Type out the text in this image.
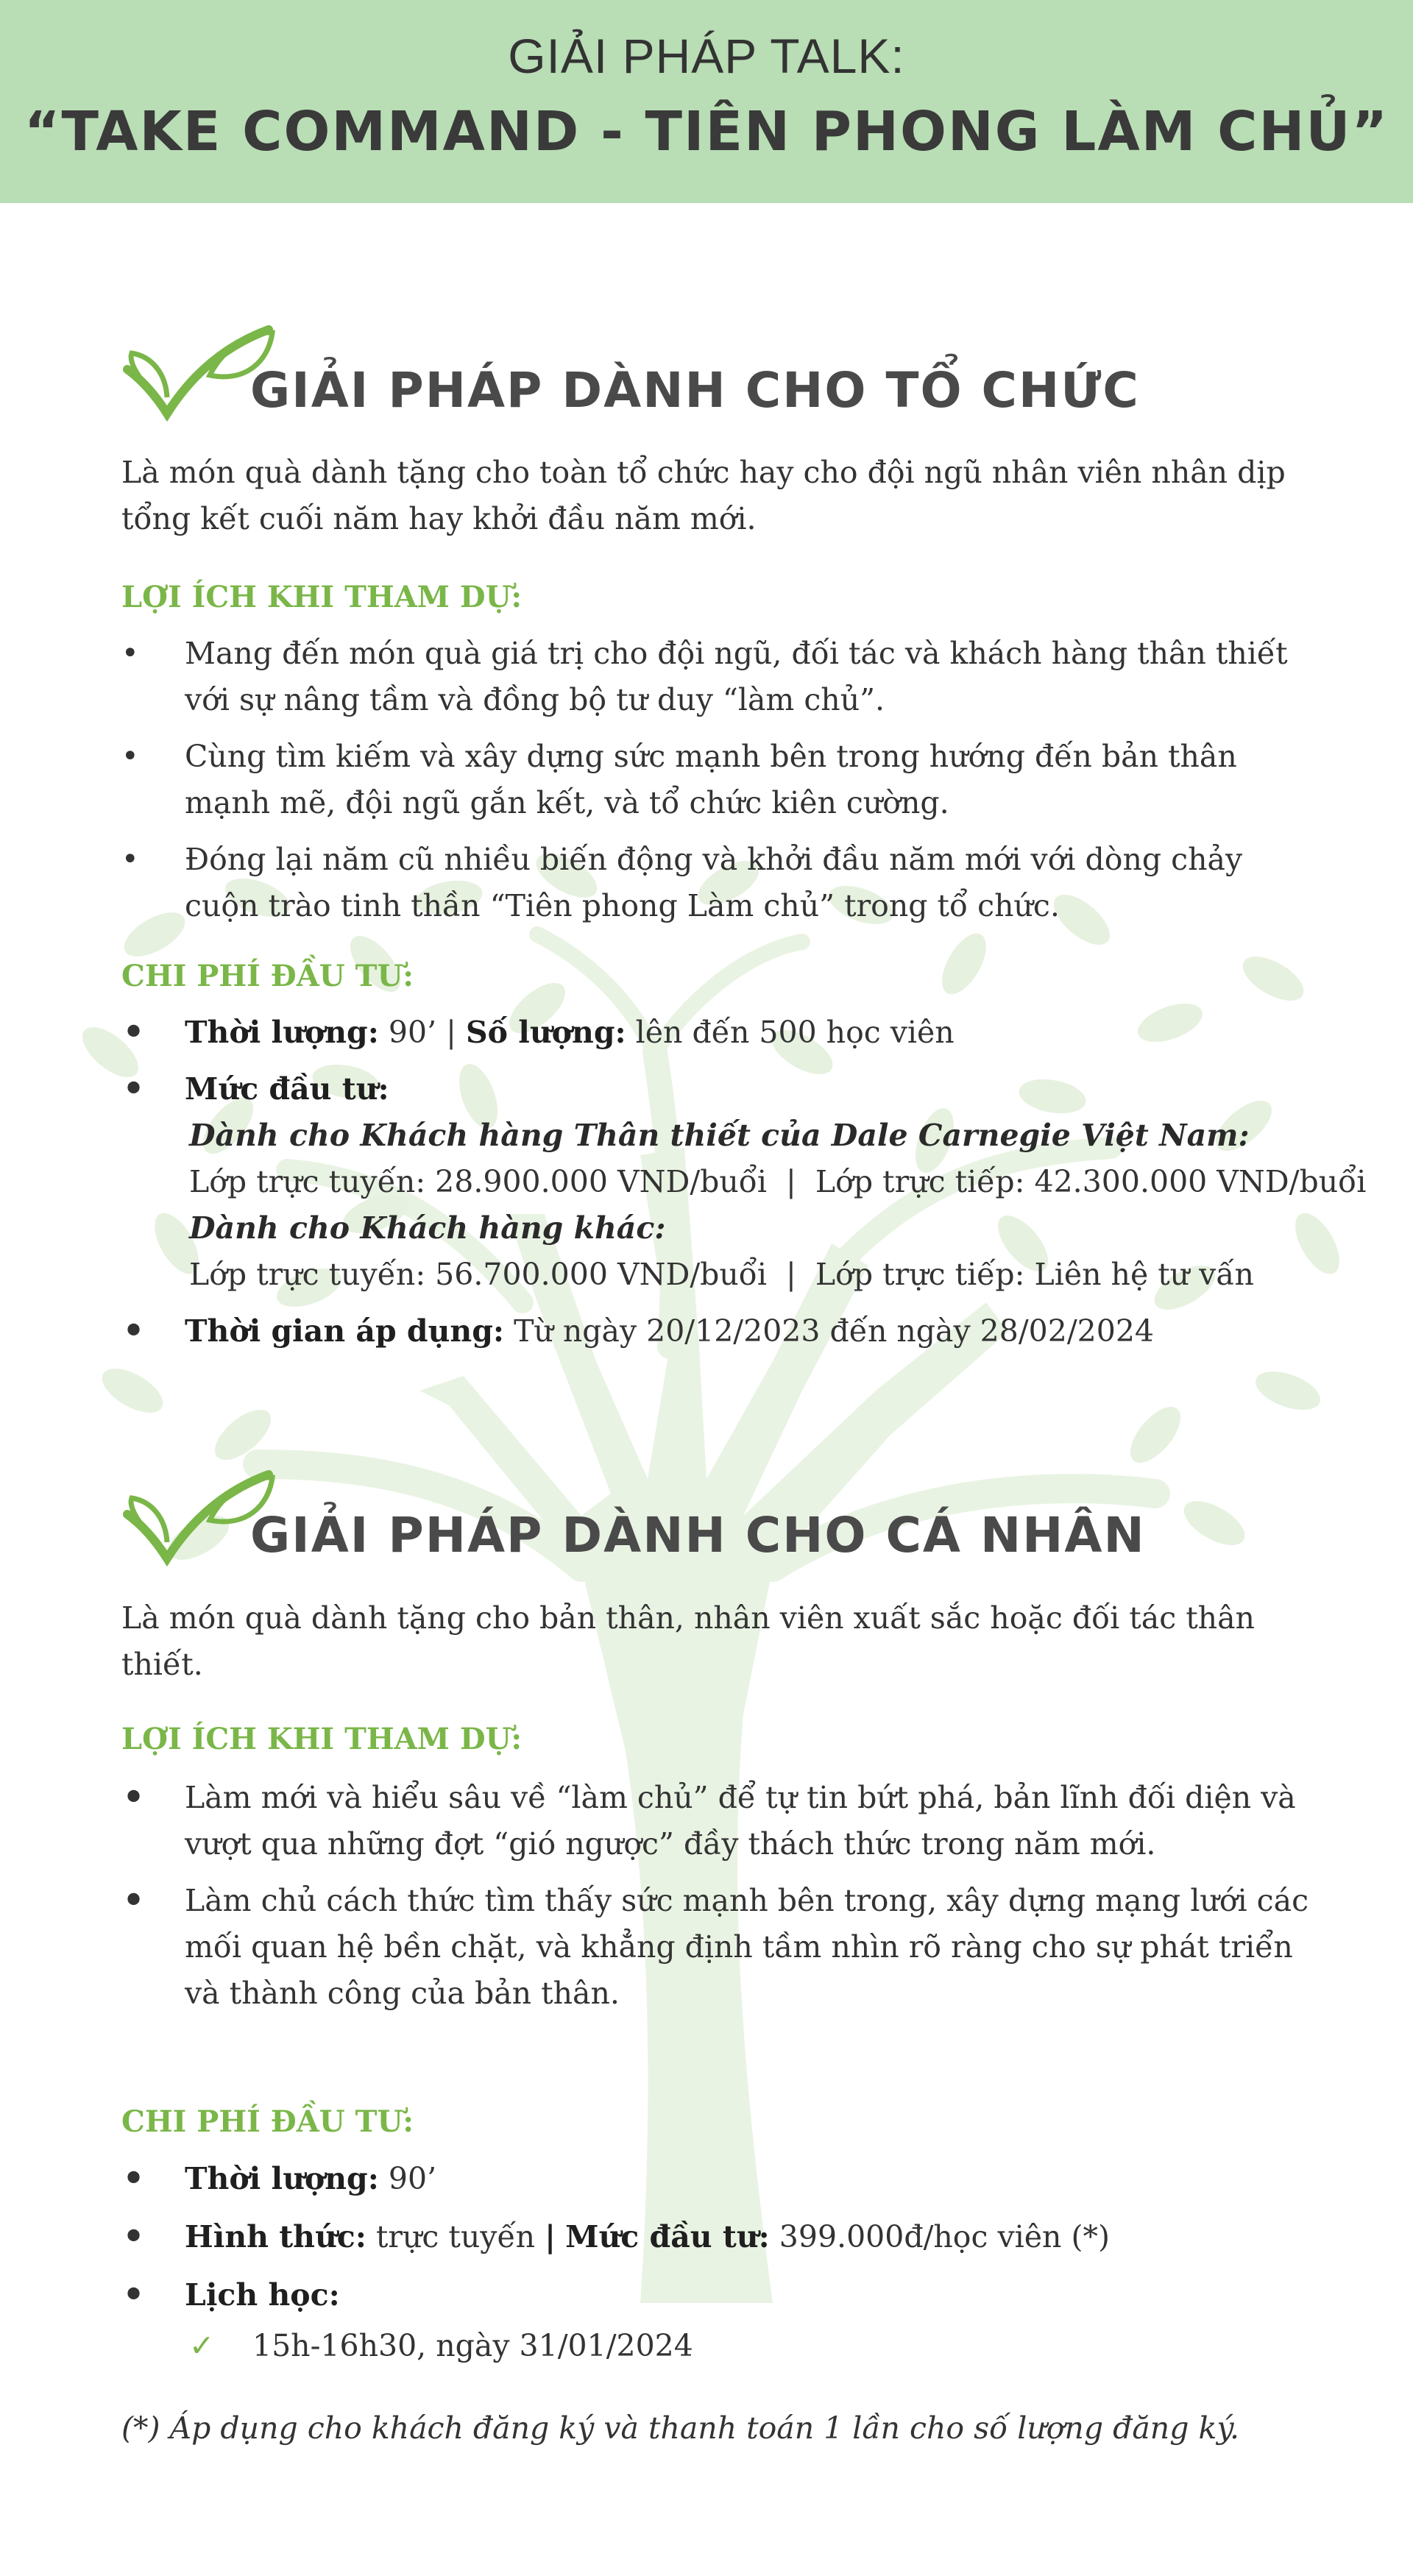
GIẢI PHÁP TALK:
“TAKE COMMAND - TIÊN PHONG LÀM CHỦ”
GIẢI PHÁP DÀNH CHO TỔ CHỨC
Là món quà dành tặng cho toàn tổ chức hay cho đội ngũ nhân viên nhân dịp tổng kết cuối năm hay khởi đầu năm mới.
LỢI ÍCH KHI THAM DỰ:
•	Mang đến món quà giá trị cho đội ngũ, đối tác và khách hàng thân thiết với sự nâng tầm và đồng bộ tư duy “làm chủ”.
•	Cùng tìm kiếm và xây dựng sức mạnh bên trong hướng đến bản thân mạnh mẽ, đội ngũ gắn kết, và tổ chức kiên cường.
•	Đóng lại năm cũ nhiều biến động và khởi đầu năm mới với dòng chảy cuộn trào tinh thần “Tiên phong Làm chủ” trong tổ chức.
CHI PHÍ ĐẦU TƯ:
• Thời lượng: 90’ | Số lượng: lên đến 500 học viên
• Mức đầu tư:
Dành cho Khách hàng Thân thiết của Dale Carnegie Việt Nam:
Lớp trực tuyến: 28.900.000 VND/buổi  |  Lớp trực tiếp: 42.300.000 VND/buổi
Dành cho Khách hàng khác:
Lớp trực tuyến: 56.700.000 VND/buổi  |  Lớp trực tiếp: Liên hệ tư vấn
• Thời gian áp dụng: Từ ngày 20/12/2023 đến ngày 28/02/2024
GIẢI PHÁP DÀNH CHO CÁ NHÂN
Là món quà dành tặng cho bản thân, nhân viên xuất sắc hoặc đối tác thân thiết.
LỢI ÍCH KHI THAM DỰ:
• Làm mới và hiểu sâu về “làm chủ” để tự tin bứt phá, bản lĩnh đối diện và vượt qua những đợt “gió ngược” đầy thách thức trong năm mới.
• Làm chủ cách thức tìm thấy sức mạnh bên trong, xây dựng mạng lưới các mối quan hệ bền chặt, và khẳng định tầm nhìn rõ ràng cho sự phát triển và thành công của bản thân.
CHI PHÍ ĐẦU TƯ:
• Thời lượng: 90’
• Hình thức: trực tuyến | Mức đầu tư: 399.000đ/học viên (*)
• Lịch học:
✓ 15h-16h30, ngày 31/01/2024
(*) Áp dụng cho khách đăng ký và thanh toán 1 lần cho số lượng đăng ký.
